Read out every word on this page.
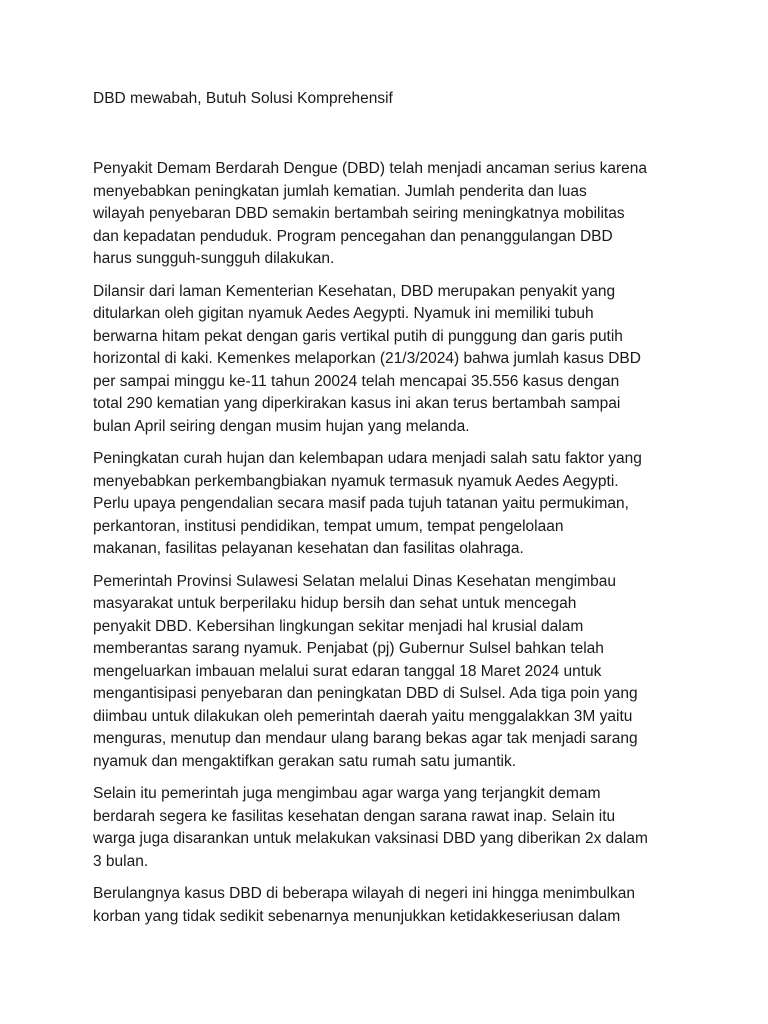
DBD mewabah, Butuh Solusi Komprehensif
Penyakit Demam Berdarah Dengue (DBD) telah menjadi ancaman serius karena
menyebabkan peningkatan jumlah kematian. Jumlah penderita dan luas
wilayah penyebaran DBD semakin bertambah seiring meningkatnya mobilitas
dan kepadatan penduduk. Program pencegahan dan penanggulangan DBD
harus sungguh-sungguh dilakukan.
Dilansir dari laman Kementerian Kesehatan, DBD merupakan penyakit yang
ditularkan oleh gigitan nyamuk Aedes Aegypti. Nyamuk ini memiliki tubuh
berwarna hitam pekat dengan garis vertikal putih di punggung dan garis putih
horizontal di kaki. Kemenkes melaporkan (21/3/2024) bahwa jumlah kasus DBD
per sampai minggu ke-11 tahun 20024 telah mencapai 35.556 kasus dengan
total 290 kematian yang diperkirakan kasus ini akan terus bertambah sampai
bulan April seiring dengan musim hujan yang melanda.
Peningkatan curah hujan dan kelembapan udara menjadi salah satu faktor yang
menyebabkan perkembangbiakan nyamuk termasuk nyamuk Aedes Aegypti.
Perlu upaya pengendalian secara masif pada tujuh tatanan yaitu permukiman,
perkantoran, institusi pendidikan, tempat umum, tempat pengelolaan
makanan, fasilitas pelayanan kesehatan dan fasilitas olahraga.
Pemerintah Provinsi Sulawesi Selatan melalui Dinas Kesehatan mengimbau
masyarakat untuk berperilaku hidup bersih dan sehat untuk mencegah
penyakit DBD. Kebersihan lingkungan sekitar menjadi hal krusial dalam
memberantas sarang nyamuk. Penjabat (pj) Gubernur Sulsel bahkan telah
mengeluarkan imbauan melalui surat edaran tanggal 18 Maret 2024 untuk
mengantisipasi penyebaran dan peningkatan DBD di Sulsel. Ada tiga poin yang
diimbau untuk dilakukan oleh pemerintah daerah yaitu menggalakkan 3M yaitu
menguras, menutup dan mendaur ulang barang bekas agar tak menjadi sarang
nyamuk dan mengaktifkan gerakan satu rumah satu jumantik.
Selain itu pemerintah juga mengimbau agar warga yang terjangkit demam
berdarah segera ke fasilitas kesehatan dengan sarana rawat inap. Selain itu
warga juga disarankan untuk melakukan vaksinasi DBD yang diberikan 2x dalam
3 bulan.
Berulangnya kasus DBD di beberapa wilayah di negeri ini hingga menimbulkan
korban yang tidak sedikit sebenarnya menunjukkan ketidakkeseriusan dalam
